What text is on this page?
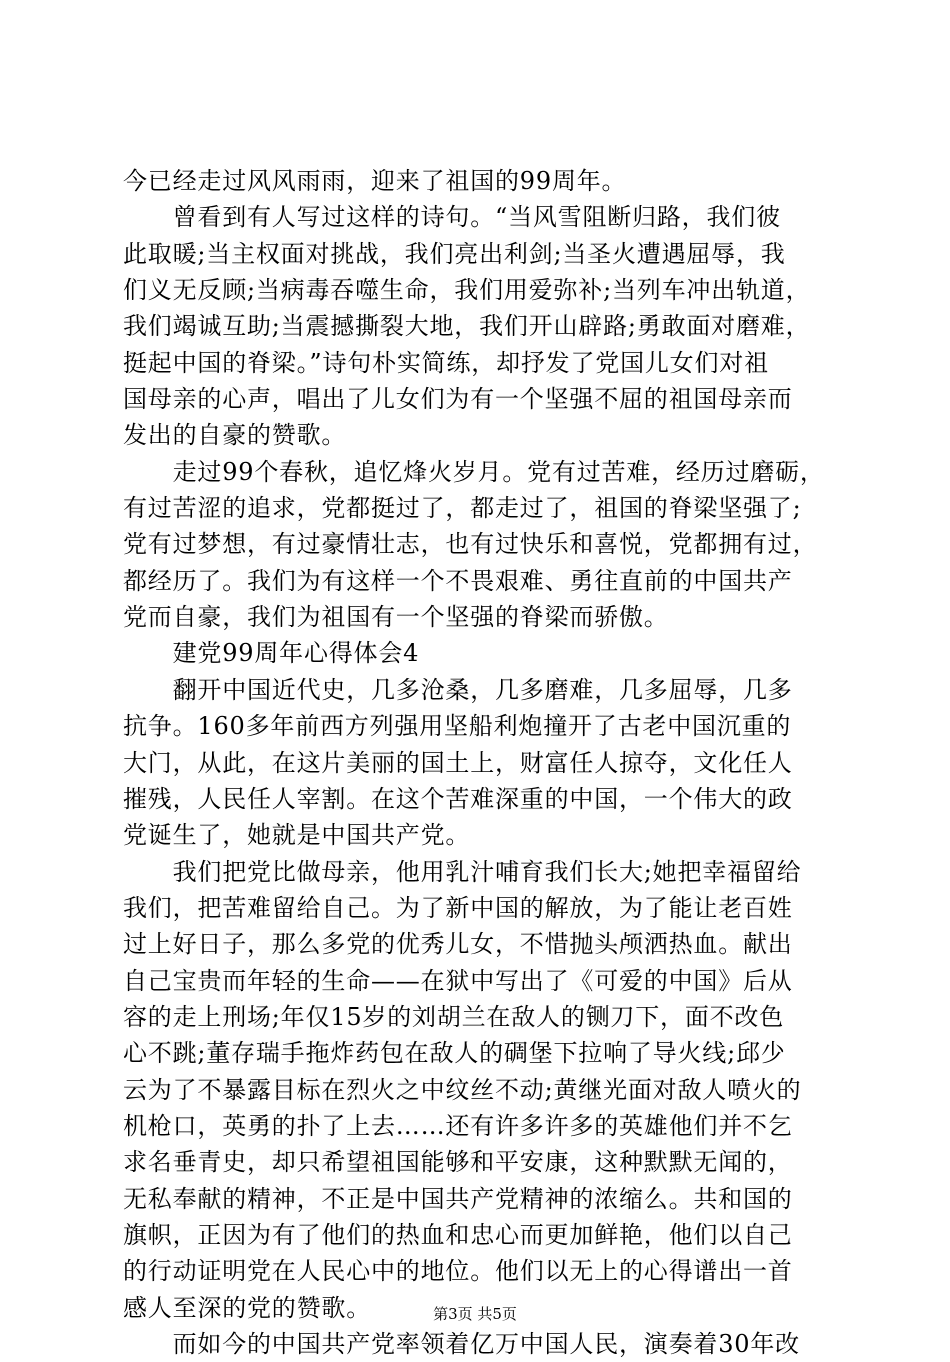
今已经走过风风雨雨，迎来了祖国的99周年。
　　曾看到有人写过这样的诗句。“当风雪阻断归路，我们彼
此取暖;当主权面对挑战，我们亮出利剑;当圣火遭遇屈辱，我
们义无反顾;当病毒吞噬生命，我们用爱弥补;当列车冲出轨道，
我们竭诚互助;当震撼撕裂大地，我们开山辟路;勇敢面对磨难，
挺起中国的脊梁。”诗句朴实简练，却抒发了党国儿女们对祖
国母亲的心声，唱出了儿女们为有一个坚强不屈的祖国母亲而
发出的自豪的赞歌。
　　走过99个春秋，追忆烽火岁月。党有过苦难，经历过磨砺，
有过苦涩的追求，党都挺过了，都走过了，祖国的脊梁坚强了;
党有过梦想，有过豪情壮志，也有过快乐和喜悦，党都拥有过，
都经历了。我们为有这样一个不畏艰难、勇往直前的中国共产
党而自豪，我们为祖国有一个坚强的脊梁而骄傲。
　　建党99周年心得体会4
　　翻开中国近代史，几多沧桑，几多磨难，几多屈辱，几多
抗争。160多年前西方列强用坚船利炮撞开了古老中国沉重的
大门，从此，在这片美丽的国土上，财富任人掠夺，文化任人
摧残，人民任人宰割。在这个苦难深重的中国，一个伟大的政
党诞生了，她就是中国共产党。
　　我们把党比做母亲，他用乳汁哺育我们长大;她把幸福留给
我们，把苦难留给自己。为了新中国的解放，为了能让老百姓
过上好日子，那么多党的优秀儿女，不惜抛头颅洒热血。献出
自己宝贵而年轻的生命——在狱中写出了《可爱的中国》后从
容的走上刑场;年仅15岁的刘胡兰在敌人的铡刀下，面不改色
心不跳;董存瑞手拖炸药包在敌人的碉堡下拉响了导火线;邱少
云为了不暴露目标在烈火之中纹丝不动;黄继光面对敌人喷火的
机枪口，英勇的扑了上去……还有许多许多的英雄他们并不乞
求名垂青史，却只希望祖国能够和平安康，这种默默无闻的，
无私奉献的精神，不正是中国共产党精神的浓缩么。共和国的
旗帜，正因为有了他们的热血和忠心而更加鲜艳，他们以自己
的行动证明党在人民心中的地位。他们以无上的心得谱出一首
感人至深的党的赞歌。
　　而如今的中国共产党率领着亿万中国人民，演奏着30年改
第3页 共5页
